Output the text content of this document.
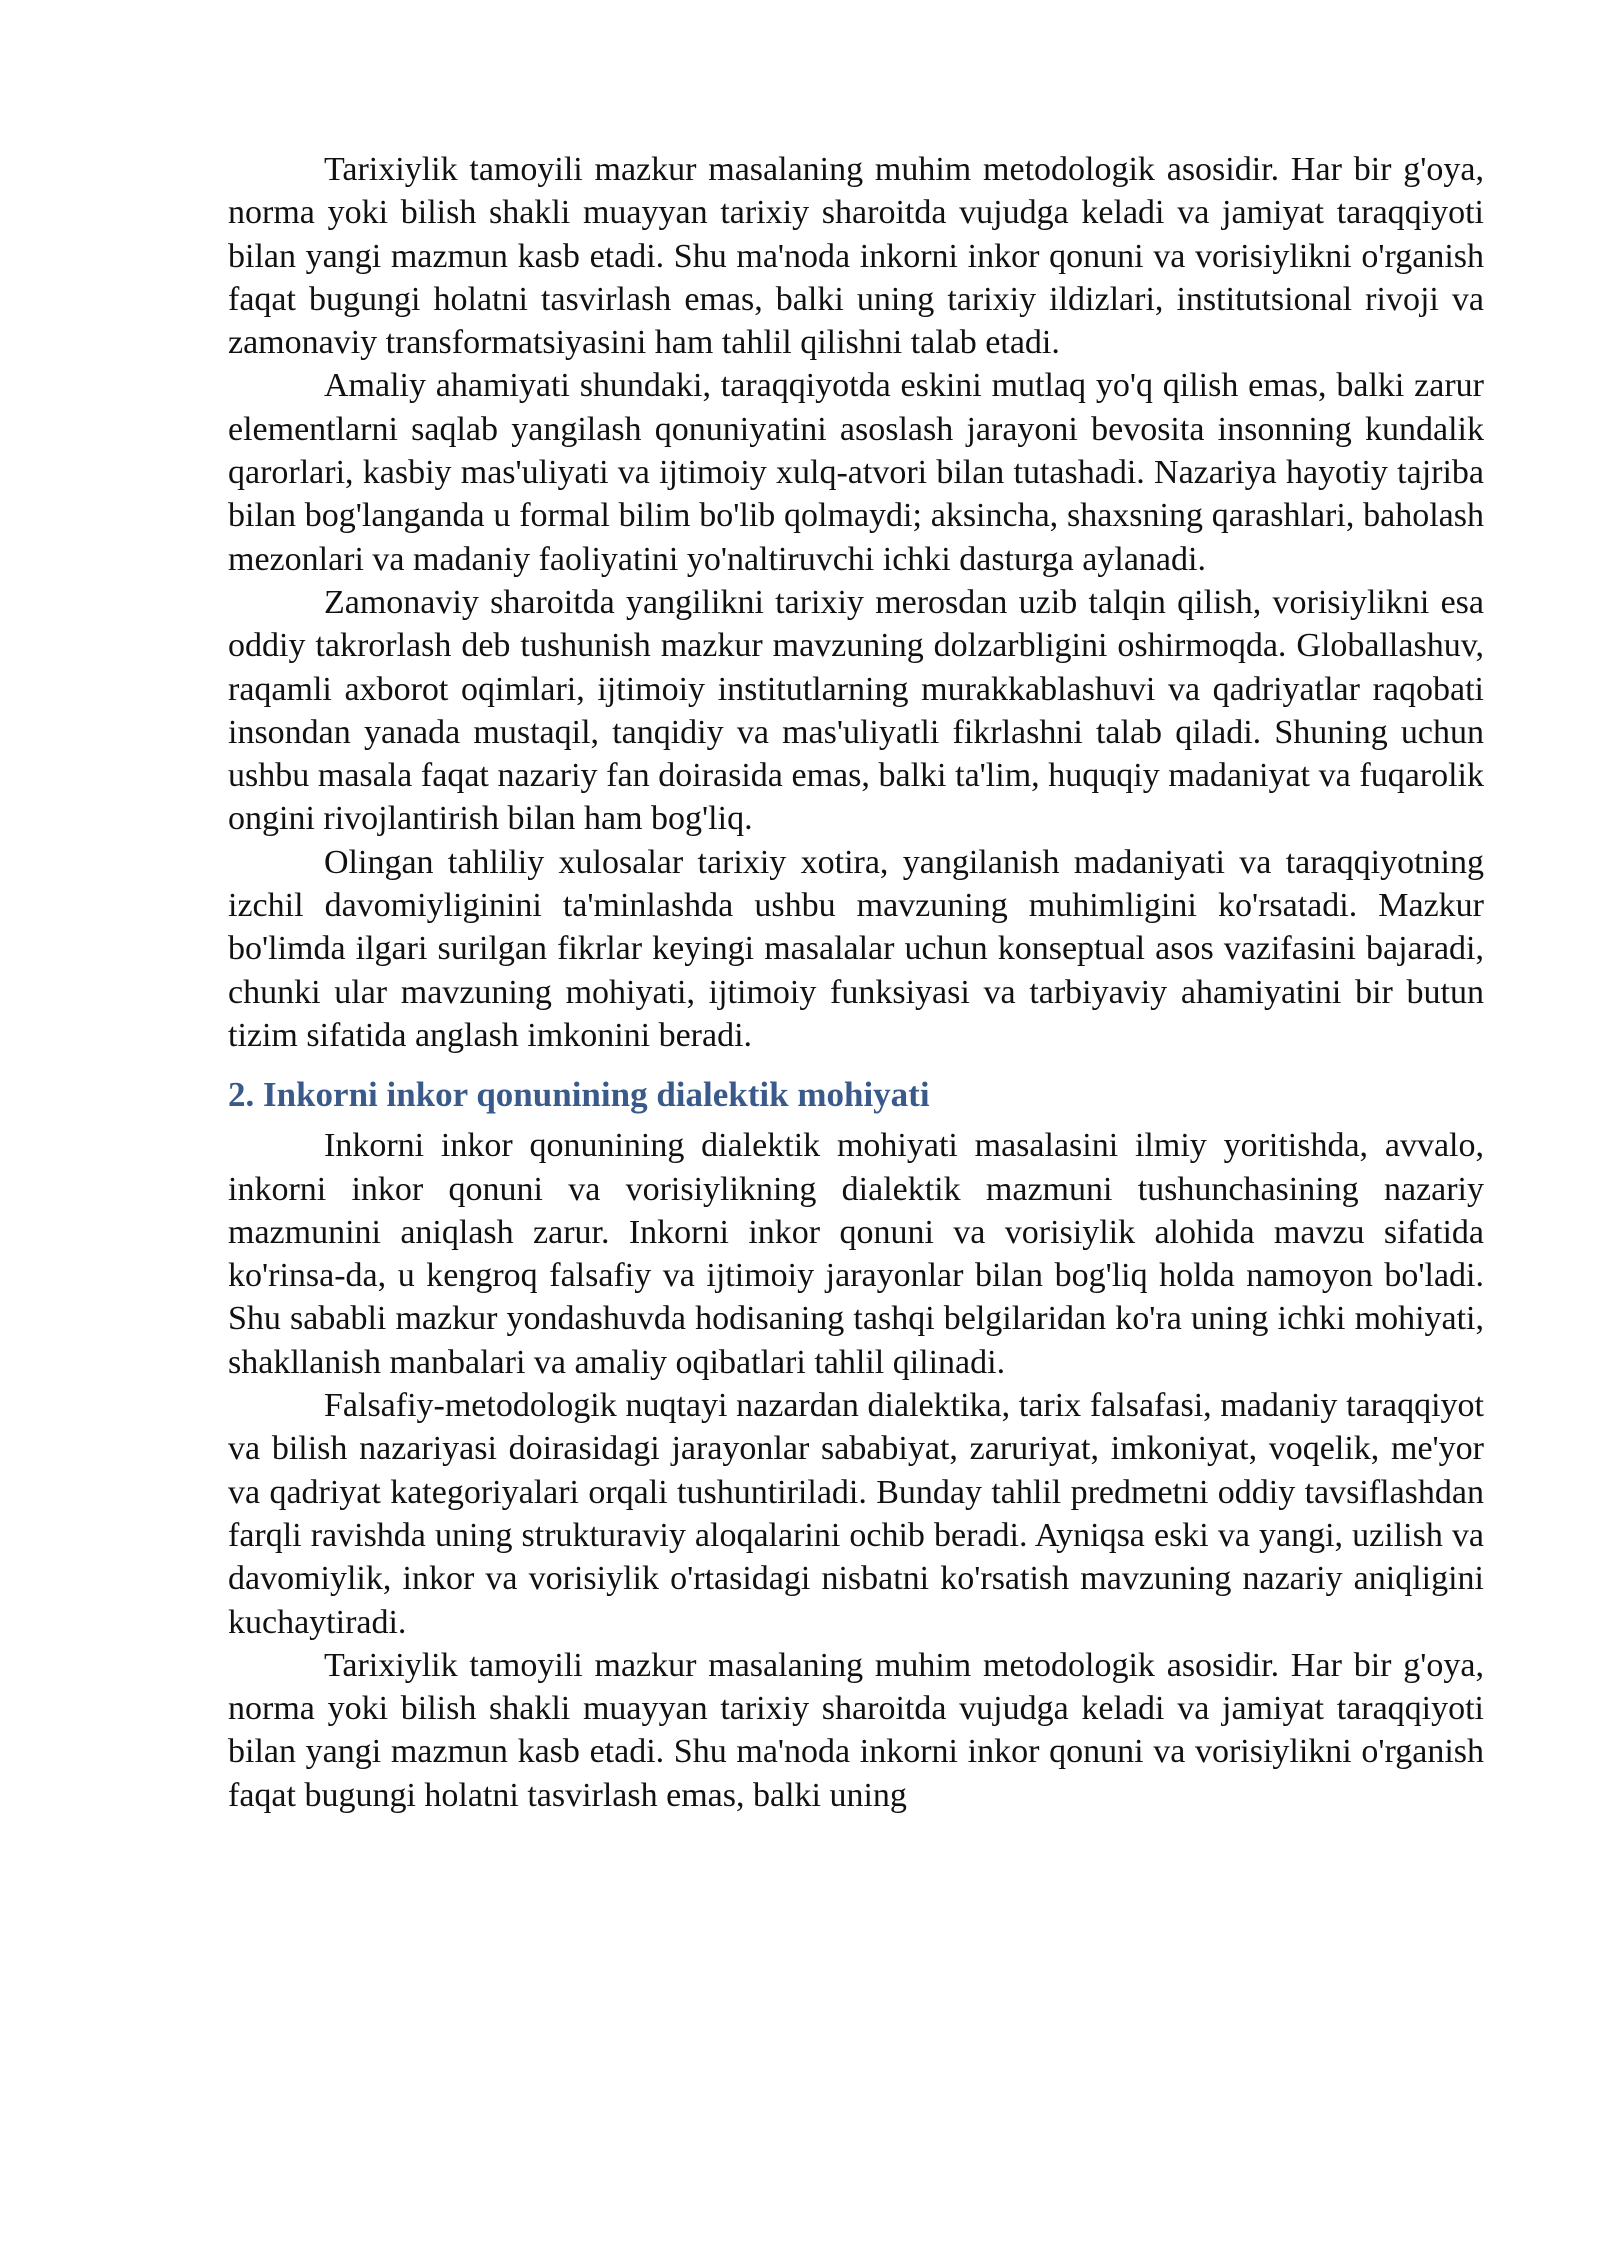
Tarixiylik tamoyili mazkur masalaning muhim metodologik asosidir. Har bir g'oya, norma yoki bilish shakli muayyan tarixiy sharoitda vujudga keladi va jamiyat taraqqiyoti bilan yangi mazmun kasb etadi. Shu ma'noda inkorni inkor qonuni va vorisiylikni o'rganish faqat bugungi holatni tasvirlash emas, balki uning tarixiy ildizlari, institutsional rivoji va zamonaviy transformatsiyasini ham tahlil qilishni talab etadi.

Amaliy ahamiyati shundaki, taraqqiyotda eskini mutlaq yo'q qilish emas, balki zarur elementlarni saqlab yangilash qonuniyatini asoslash jarayoni bevosita insonning kundalik qarorlari, kasbiy mas'uliyati va ijtimoiy xulq-atvori bilan tutashadi. Nazariya hayotiy tajriba bilan bog'langanda u formal bilim bo'lib qolmaydi; aksincha, shaxsning qarashlari, baholash mezonlari va madaniy faoliyatini yo'naltiruvchi ichki dasturga aylanadi.

Zamonaviy sharoitda yangilikni tarixiy merosdan uzib talqin qilish, vorisiylikni esa oddiy takrorlash deb tushunish mazkur mavzuning dolzarbligini oshirmoqda. Globallashuv, raqamli axborot oqimlari, ijtimoiy institutlarning murakkablashuvi va qadriyatlar raqobati insondan yanada mustaqil, tanqidiy va mas'uliyatli fikrlashni talab qiladi. Shuning uchun ushbu masala faqat nazariy fan doirasida emas, balki ta'lim, huquqiy madaniyat va fuqarolik ongini rivojlantirish bilan ham bog'liq.

Olingan tahliliy xulosalar tarixiy xotira, yangilanish madaniyati va taraqqiyotning izchil davomiyliginini ta'minlashda ushbu mavzuning muhimligini ko'rsatadi. Mazkur bo'limda ilgari surilgan fikrlar keyingi masalalar uchun konseptual asos vazifasini bajaradi, chunki ular mavzuning mohiyati, ijtimoiy funksiyasi va tarbiyaviy ahamiyatini bir butun tizim sifatida anglash imkonini beradi.

2. Inkorni inkor qonunining dialektik mohiyati

Inkorni inkor qonunining dialektik mohiyati masalasini ilmiy yoritishda, avvalo, inkorni inkor qonuni va vorisiylikning dialektik mazmuni tushunchasining nazariy mazmunini aniqlash zarur. Inkorni inkor qonuni va vorisiylik alohida mavzu sifatida ko'rinsa-da, u kengroq falsafiy va ijtimoiy jarayonlar bilan bog'liq holda namoyon bo'ladi. Shu sababli mazkur yondashuvda hodisaning tashqi belgilaridan ko'ra uning ichki mohiyati, shakllanish manbalari va amaliy oqibatlari tahlil qilinadi.

Falsafiy-metodologik nuqtayi nazardan dialektika, tarix falsafasi, madaniy taraqqiyot va bilish nazariyasi doirasidagi jarayonlar sababiyat, zaruriyat, imkoniyat, voqelik, me'yor va qadriyat kategoriyalari orqali tushuntiriladi. Bunday tahlil predmetni oddiy tavsiflashdan farqli ravishda uning strukturaviy aloqalarini ochib beradi. Ayniqsa eski va yangi, uzilish va davomiylik, inkor va vorisiylik o'rtasidagi nisbatni ko'rsatish mavzuning nazariy aniqligini kuchaytiradi.

Tarixiylik tamoyili mazkur masalaning muhim metodologik asosidir. Har bir g'oya, norma yoki bilish shakli muayyan tarixiy sharoitda vujudga keladi va jamiyat taraqqiyoti bilan yangi mazmun kasb etadi. Shu ma'noda inkorni inkor qonuni va vorisiylikni o'rganish faqat bugungi holatni tasvirlash emas, balki uning
